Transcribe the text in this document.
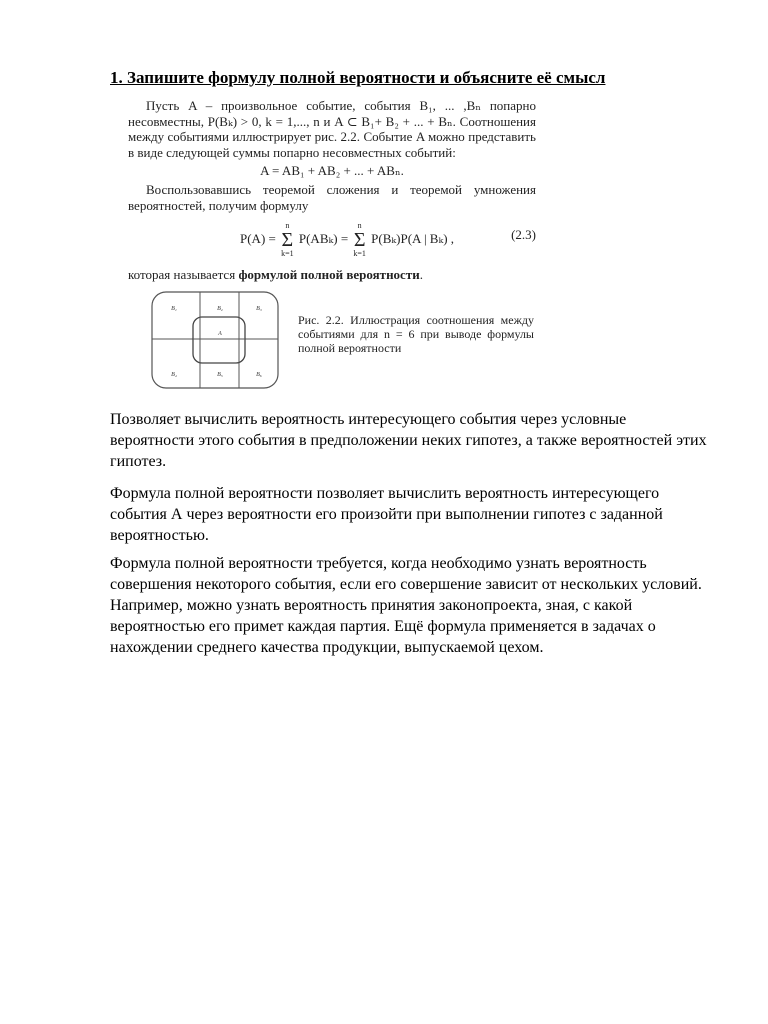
1. Запишите формулу полной вероятности и объясните её смысл

Пусть A – произвольное событие, события B₁, ... ,Bₙ попарно несовместны, P(Bₖ) > 0, k = 1,..., n и A ⊂ B₁+ B₂ + ... + Bₙ. Соотношения между событиями иллюстрирует рис. 2.2. Событие A можно представить в виде следующей суммы попарно несовместных событий:

A = AB₁ + AB₂ + ... + ABₙ.

Воспользовавшись теоремой сложения и теоремой умножения вероятностей, получим формулу

P(A) =
n
Σ
k=1
P(ABₖ) =
n
Σ
k=1
P(Bₖ)P(A | Bₖ) ,	(2.3)

которая называется формулой полной вероятности.

B₁	B₂	B₃
B₄	B₅	B₆
A
Рис. 2.2. Иллюстрация соотношения между событиями для n = 6 при выводе формулы полной вероятности

Позволяет вычислить вероятность интересующего события через условные вероятности этого события в предположении неких гипотез, а также вероятностей этих гипотез.

Формула полной вероятности позволяет вычислить вероятность интересующего события А через вероятности его произойти при выполнении гипотез с заданной вероятностью.

Формула полной вероятности требуется, когда необходимо узнать вероятность совершения некоторого события, если его совершение зависит от нескольких условий. Например, можно узнать вероятность принятия законопроекта, зная, с какой вероятностью его примет каждая партия. Ещё формула применяется в задачах о нахождении среднего качества продукции, выпускаемой цехом.
